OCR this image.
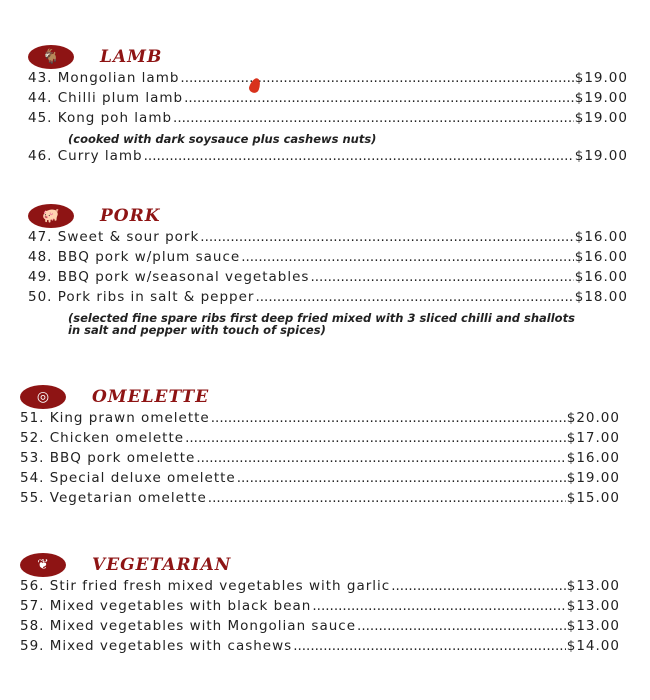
🐐	LAMB
43. Mongolian lamb .....	$19.00
44. Chilli plum lamb .....	$19.00
45. Kong poh lamb .....	$19.00
(cooked with dark soysauce plus cashews nuts)
46. Curry lamb .....	$19.00
🐖	PORK
47. Sweet & sour pork .....	$16.00
48. BBQ pork w/plum sauce .....	$16.00
49. BBQ pork w/seasonal vegetables .....	$16.00
50. Pork ribs in salt & pepper .....	$18.00
(selected fine spare ribs first deep fried mixed with 3 sliced chilli and shallots in salt and pepper with touch of spices)
◎	OMELETTE
51. King prawn omelette .....	$20.00
52. Chicken omelette .....	$17.00
53. BBQ pork omelette .....	$16.00
54. Special deluxe omelette .....	$19.00
55. Vegetarian omelette .....	$15.00
❦	VEGETARIAN
56. Stir fried fresh mixed vegetables with garlic .....	$13.00
57. Mixed vegetables with black bean .....	$13.00
58. Mixed vegetables with Mongolian sauce .....	$13.00
59. Mixed vegetables with cashews .....	$14.00
